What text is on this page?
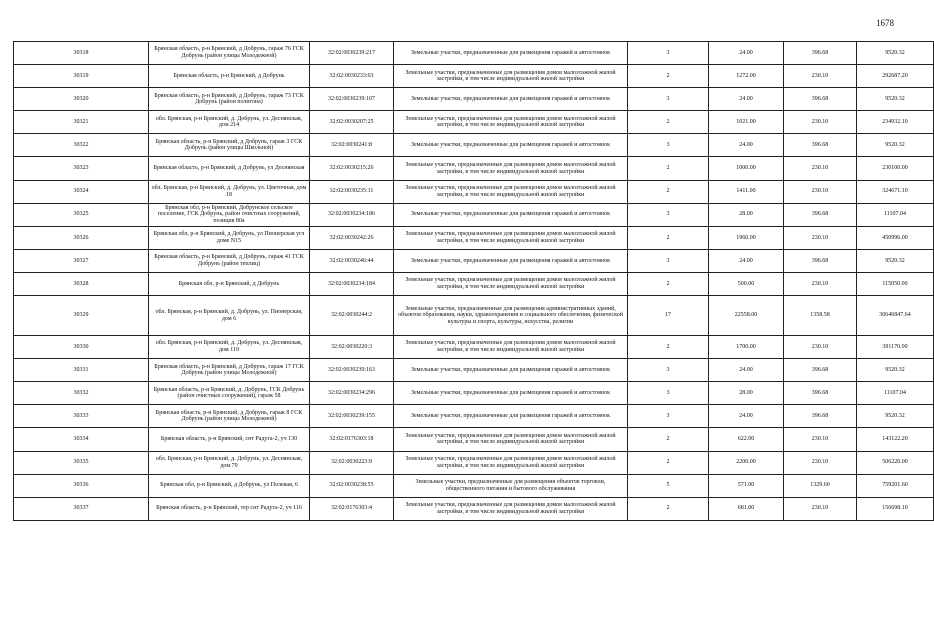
1678
30318	Брянская область, р-н Брянский, д Добрунь, гараж 76 ГСК Добрунь (район улицы Молодежной)	32:02:0030239:217	Земельные участки, предназначенные для размещения гаражей и автостоянок	3	24.00	396.68	9520.32
30319	Брянская область, р-н Брянский, д Добрунь	32:02:0030233:63	Земельные участки, предназначенные для размещения домов малоэтажной жилой застройки, в том числе индивидуальной жилой застройки	2	1272.00	230.10	292687.20
30320	Брянская область, р-н Брянский, д Добрунь, гараж 73 ГСК Добрунь (район полигона)	32:02:0030239:107	Земельные участки, предназначенные для размещения гаражей и автостоянок	3	24.00	396.68	9520.32
30321	обл. Брянская, р-н Брянский, д. Добрунь, ул. Деснянская, дом 214	32:02:0030207:25	Земельные участки, предназначенные для размещения домов малоэтажной жилой застройки, в том числе индивидуальной жилой застройки	2	1021.00	230.10	234932.10
30322	Брянская область, р-н Брянский, д Добрунь, гараж 3 ГСК Добрунь (район улицы Школьной)	32:02:0030241:8	Земельные участки, предназначенные для размещения гаражей и автостоянок	3	24.00	396.68	9520.32
30323	Брянская область, р-н Брянский, д Добрунь, ул Деснянская	32:02:0030215:26	Земельные участки, предназначенные для размещения домов малоэтажной жилой застройки, в том числе индивидуальной жилой застройки	2	1000.00	230.10	230100.00
30324	обл. Брянская, р-н Брянский, д. Добрунь, ул. Цветочная, дом 18	32:02:0030235:11	Земельные участки, предназначенные для размещения домов малоэтажной жилой застройки, в том числе индивидуальной жилой застройки	2	1411.00	230.10	324671.10
30325	Брянская обл, р-н Брянский, Добрунское сельское поселение, ГСК Добрунь, район очистных сооружений, позиция 80а	32:02:0030234:186	Земельные участки, предназначенные для размещения гаражей и автостоянок	3	28.00	396.68	11107.04
30326	Брянская обл, р-н Брянский, д Добрунь, ул Пионерская угл доме N15	32:02:0030242:26	Земельные участки, предназначенные для размещения домов малоэтажной жилой застройки, в том числе индивидуальной жилой застройки	2	1960.00	230.10	450996.00
30327	Брянская область, р-н Брянский, д Добрунь, гараж 41 ГСК Добрунь (район теплиц)	32:02:0030246:44	Земельные участки, предназначенные для размещения гаражей и автостоянок	3	24.00	396.68	9520.32
30328	Брянская обл, р-н Брянский, д Добрунь	32:02:0030234:184	Земельные участки, предназначенные для размещения домов малоэтажной жилой застройки, в том числе индивидуальной жилой застройки	2	500.00	230.10	115050.00
30329	обл. Брянская, р-н Брянский, д. Добрунь, ул. Пионерская, дом 6	32:02:0030244:2	Земельные участки, предназначенные для размещения административных зданий, объектов образования, науки, здравоохранения и социального обеспечения, физической культуры и спорта, культуры, искусства, религии	17	22558.00	1358.58	30646847.64
30330	обл. Брянская, р-н Брянский, д. Добрунь, ул. Деснянская, дом 119	32:02:0030220:3	Земельные участки, предназначенные для размещения домов малоэтажной жилой застройки, в том числе индивидуальной жилой застройки	2	1700.00	230.10	391170.00
30331	Брянская область, р-н Брянский, д Добрунь, гараж 17 ГСК Добрунь (район улицы Молодежной)	32:02:0030239:163	Земельные участки, предназначенные для размещения гаражей и автостоянок	3	24.00	396.68	9520.32
30332	Брянская область, р-н Брянский, д. Добрунь, ГСК Добрунь (район очистных сооружений), гараж 58	32:02:0030234:296	Земельные участки, предназначенные для размещения гаражей и автостоянок	3	28.00	396.68	11107.04
30333	Брянская область, р-н Брянский, д Добрунь, гараж 8 ГСК Добрунь (район улицы Молодежной)	32:02:0030239:155	Земельные участки, предназначенные для размещения гаражей и автостоянок	3	24.00	396.68	9520.32
30334	Брянская область, р-н Брянский, снт Радуга-2, уч 130	32:02:0176303:18	Земельные участки, предназначенные для размещения домов малоэтажной жилой застройки, в том числе индивидуальной жилой застройки	2	622.00	230.10	143122.20
30335	обл. Брянская, р-н Брянский, д. Добрунь, ул. Деснянская, дом 79	32:02:0030223:9	Земельные участки, предназначенные для размещения домов малоэтажной жилой застройки, в том числе индивидуальной жилой застройки	2	2200.00	230.10	506220.00
30336	Брянская обл, р-н Брянский, д Добрунь, ул Полевая, 6	32:02:0030238:55	Земельные участки, предназначенные для размещения объектов торговли, общественного питания и бытового обслуживания	5	571.00	1329.60	759201.60
30337	Брянская область, р-н Брянский, тер снт Радуга-2, уч 116	32:02:0176303:4	Земельные участки, предназначенные для размещения домов малоэтажной жилой застройки, в том числе индивидуальной жилой застройки	2	681.00	230.10	156698.10
